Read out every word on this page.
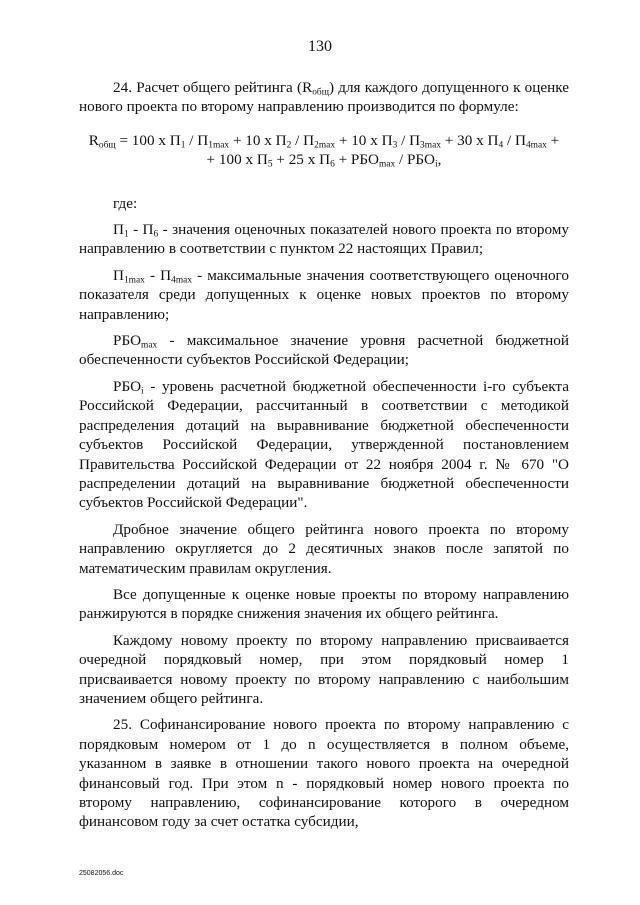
130

24. Расчет общего рейтинга $(R_{общ})$ для каждого допущенного к оценке нового проекта по второму направлению производится по формуле:

$R_{общ} = 100$ x $П_1 / П_{1max} + 10$ x $П_2 / П_{2max} + 10$ x $П_3 / П_{3max} + 30$ x $П_4 / П_{4max}$ +
+ 100 x $П_5 + 25$ x $П_6 + РБО_{max} / РБО_i$,

где:

$П_1 - П_6$ - значения оценочных показателей нового проекта по второму направлению в соответствии с пунктом 22 настоящих Правил;

$П_{1max} - П_{4max}$ - максимальные значения соответствующего оценочного показателя среди допущенных к оценке новых проектов по второму направлению;

$РБО_{max}$ - максимальное значение уровня расчетной бюджетной обеспеченности субъектов Российской Федерации;

$РБО_i$ - уровень расчетной бюджетной обеспеченности i-го субъекта Российской Федерации, рассчитанный в соответствии с методикой распределения дотаций на выравнивание бюджетной обеспеченности субъектов Российской Федерации, утвержденной постановлением Правительства Российской Федерации от 22 ноября 2004 г. № 670 "О распределении дотаций на выравнивание бюджетной обеспеченности субъектов Российской Федерации".

Дробное значение общего рейтинга нового проекта по второму направлению округляется до 2 десятичных знаков после запятой по математическим правилам округления.

Все допущенные к оценке новые проекты по второму направлению ранжируются в порядке снижения значения их общего рейтинга.

Каждому новому проекту по второму направлению присваивается очередной порядковый номер, при этом порядковый номер 1 присваивается новому проекту по второму направлению с наибольшим значением общего рейтинга.

25. Софинансирование нового проекта по второму направлению с порядковым номером от 1 до n осуществляется в полном объеме, указанном в заявке в отношении такого нового проекта на очередной финансовый год. При этом n - порядковый номер нового проекта по второму направлению, софинансирование которого в очередном финансовом году за счет остатка субсидии,

25082056.doc
